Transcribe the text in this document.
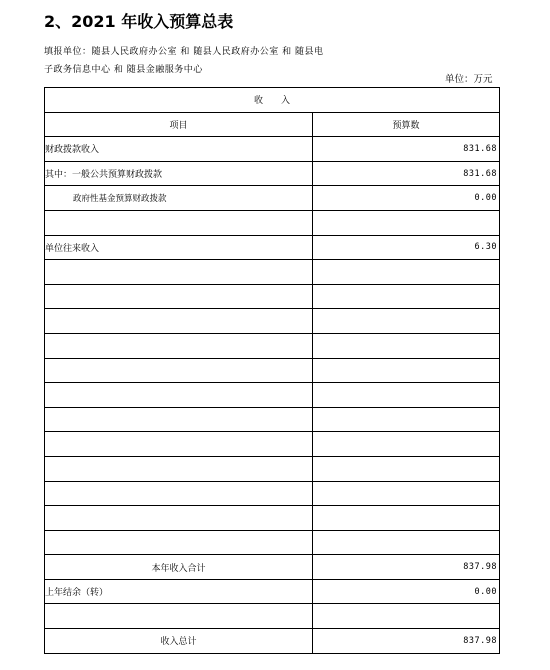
2、2021 年收入预算总表
填报单位：随县人民政府办公室 和 随县人民政府办公室 和 随县电子政务信息中心 和 随县金融服务中心
单位：万元
收　　入	
项目	预算数
财政拨款收入	831.68
其中：一般公共预算财政拨款	831.68
政府性基金预算财政拨款	0.00

单位往来收入	6.30

本年收入合计	837.98
上年结余（转）	0.00

收入总计	837.98
